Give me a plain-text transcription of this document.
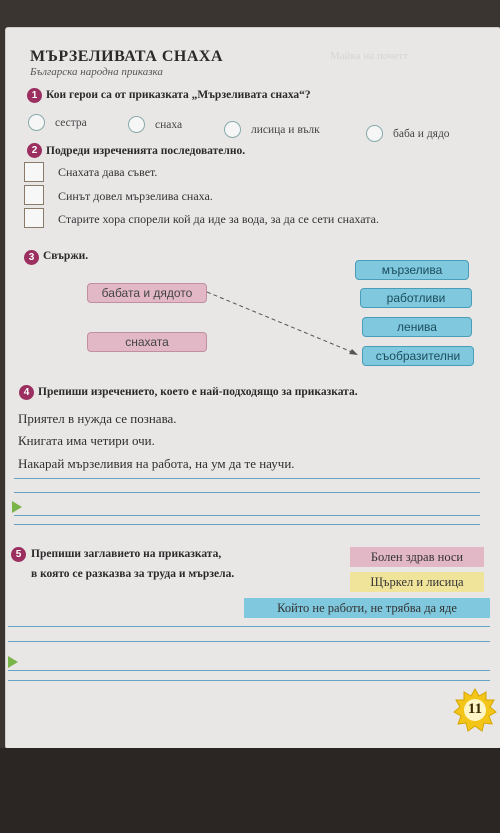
МЪРЗЕЛИВАТА СНАХА
Българска народна приказка
Майка на почетт
1 Кои герои са от приказката „Мързеливата снаха“?
сестра	снаха	лисица и вълк	баба и дядо
2 Подреди изреченията последователно.
Снахата дава съвет.
Синът довел мързелива снаха.
Старите хора спорели кой да иде за вода, за да се сети снахата.
3 Свържи.
мързелива
бабата и дядото	работливи
ленива
снахата
съобразителни
4 Препиши изречението, което е най-подходящо за приказката.
Приятел в нужда се познава.
Книгата има четири очи.
Накарай мързеливия на работа, на ум да те научи.
5 Препиши заглавието на приказката,
в която се разказва за труда и мързела.
Болен здрав носи
Щъркел и лисица
Който не работи, не трябва да яде
11
